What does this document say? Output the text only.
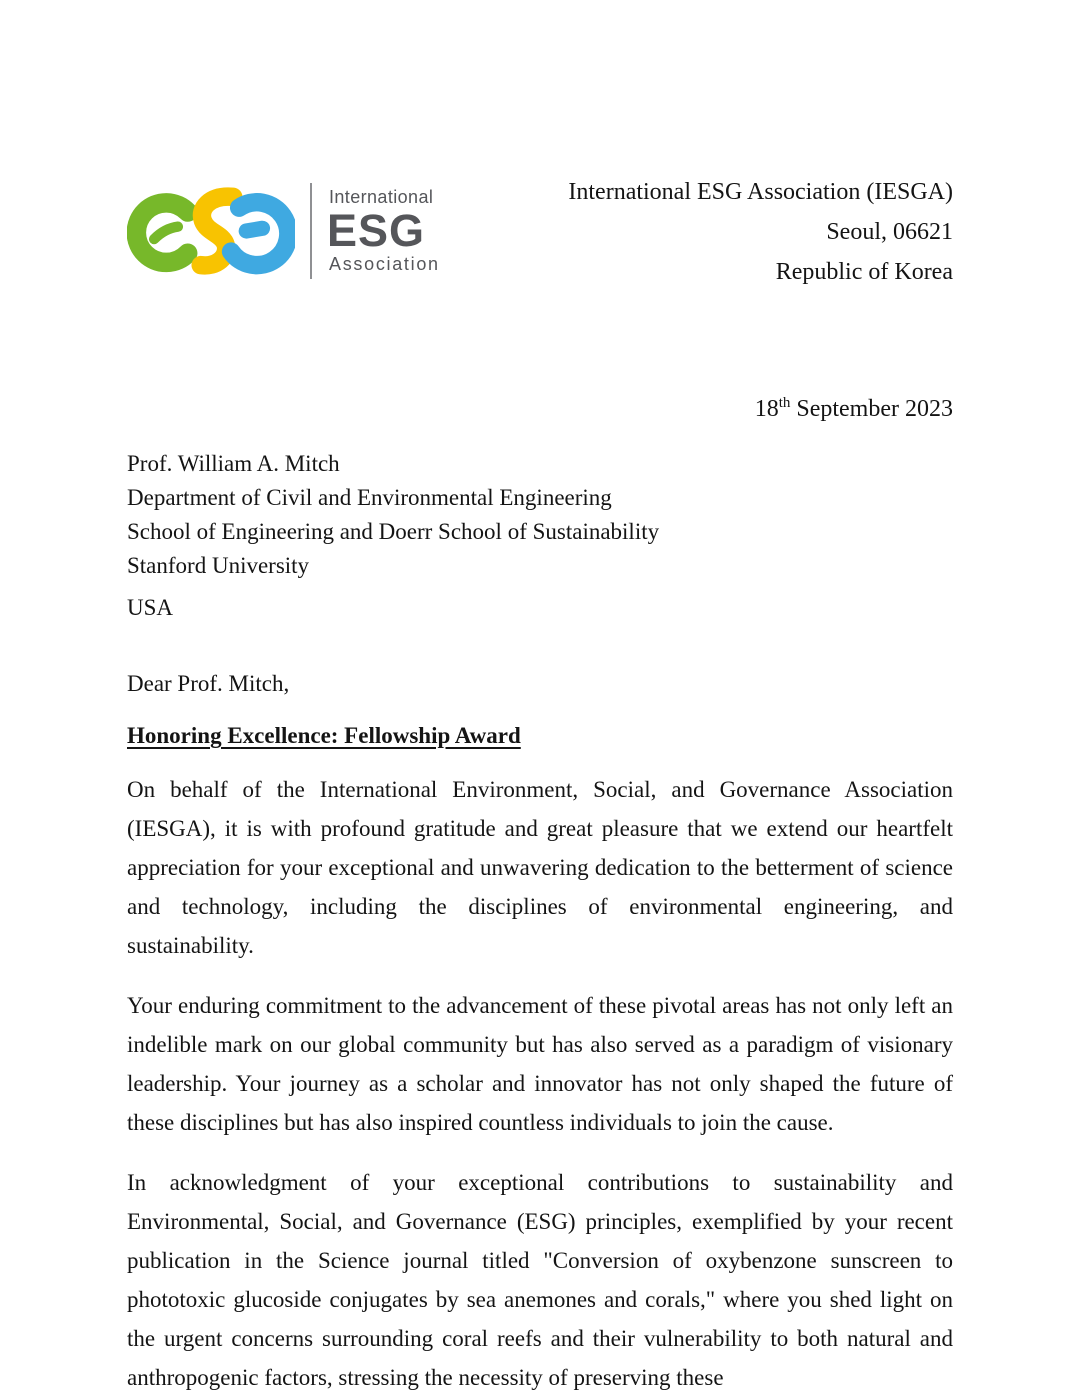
International
ESG
Association
International ESG Association (IESGA)
Seoul, 06621
Republic of Korea
18th September 2023
Prof. William A. Mitch
Department of Civil and Environmental Engineering
School of Engineering and Doerr School of Sustainability
Stanford University
USA

Dear Prof. Mitch,

Honoring Excellence: Fellowship Award

On behalf of the International Environment, Social, and Governance Association (IESGA), it is with profound gratitude and great pleasure that we extend our heartfelt appreciation for your exceptional and unwavering dedication to the betterment of science and technology, including the disciplines of environmental engineering, and sustainability.

Your enduring commitment to the advancement of these pivotal areas has not only left an indelible mark on our global community but has also served as a paradigm of visionary leadership. Your journey as a scholar and innovator has not only shaped the future of these disciplines but has also inspired countless individuals to join the cause.

In acknowledgment of your exceptional contributions to sustainability and Environmental, Social, and Governance (ESG) principles, exemplified by your recent publication in the Science journal titled "Conversion of oxybenzone sunscreen to phototoxic glucoside conjugates by sea anemones and corals," where you shed light on the urgent concerns surrounding coral reefs and their vulnerability to both natural and anthropogenic factors, stressing the necessity of preserving these
